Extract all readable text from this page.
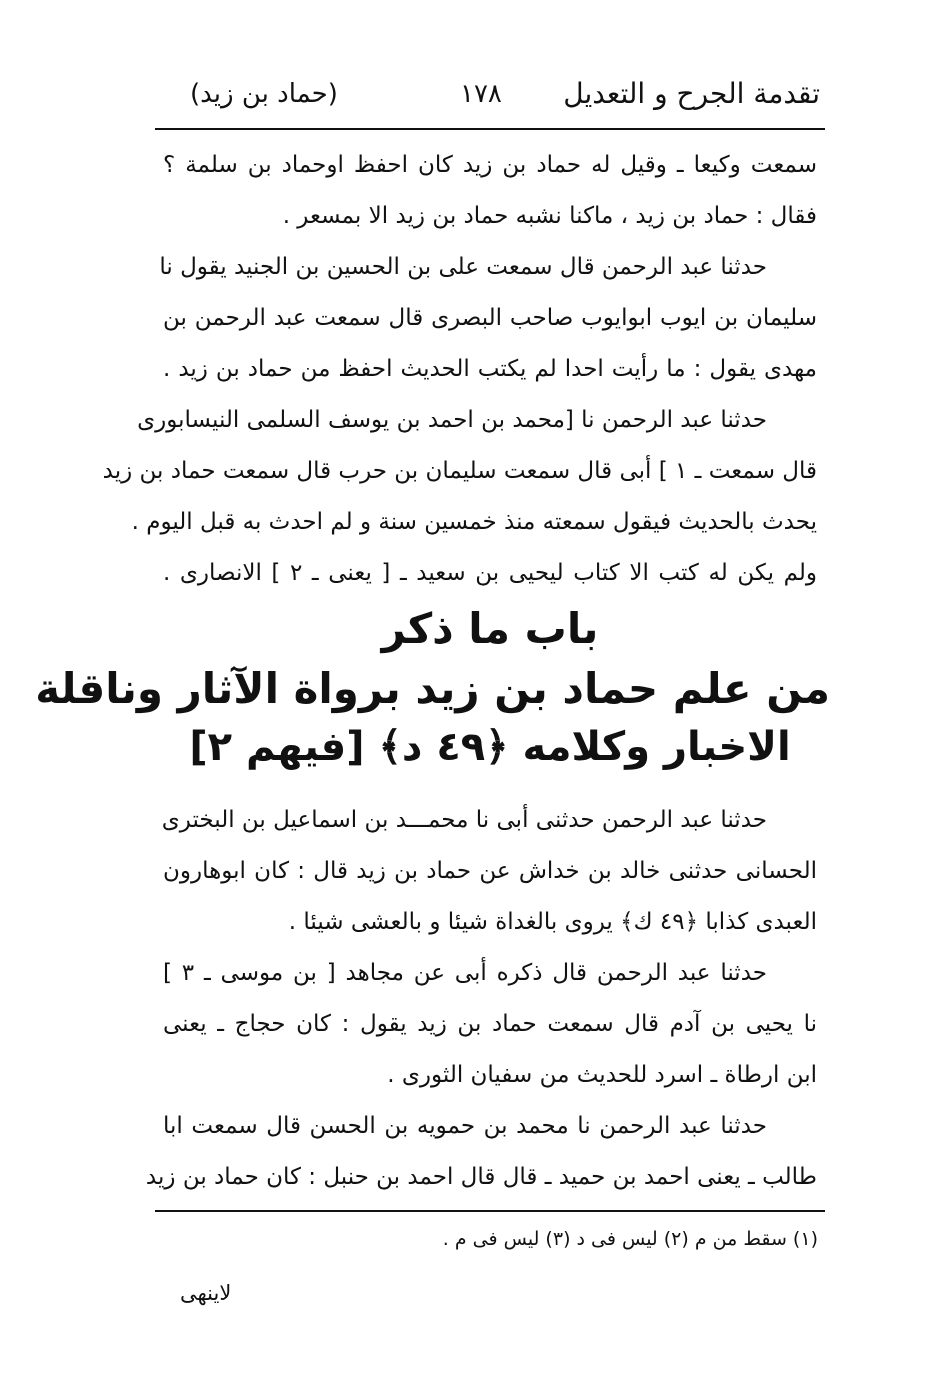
تقدمة الجرح و التعديل
١٧٨
(حماد بن زيد)
سمعت وكيعا ـ وقيل له حماد بن زيد كان احفظ اوحماد بن سلمة ؟
فقال : حماد بن زيد ، ماكنا نشبه حماد بن زيد الا بمسعر .
حدثنا عبد الرحمن قال سمعت على بن الحسين بن الجنيد يقول نا
سليمان بن ايوب ابوايوب صاحب البصرى قال سمعت عبد الرحمن بن
مهدى يقول : ما رأيت احدا لم يكتب الحديث احفظ من حماد بن زيد .
حدثنا عبد الرحمن نا [محمد بن احمد بن يوسف السلمى النيسابورى
قال سمعت ـ ١ ] أبى قال سمعت سليمان بن حرب قال سمعت حماد بن زيد
يحدث بالحديث فيقول سمعته منذ خمسين سنة و لم احدث به قبل اليوم .
ولم يكن له كتب الا كتاب ليحيى بن سعيد ـ [ يعنى ـ ٢ ] الانصارى .
باب ما ذكر
من علم حماد بن زيد برواة الآثار وناقلة
الاخبار وكلامه ﴿٤٩ د﴾ [فيهم ٢]
حدثنا عبد الرحمن حدثنى أبى نا محمـــد بن اسماعيل بن البخترى
الحسانى حدثنى خالد بن خداش عن حماد بن زيد قال : كان ابوهارون
العبدى كذابا ﴿٤٩ ك﴾ يروى بالغداة شيئا و بالعشى شيئا .
حدثنا عبد الرحمن قال ذكره أبى عن مجاهد [ بن موسى ـ ٣ ]
نا يحيى بن آدم قال سمعت حماد بن زيد يقول : كان حجاج ـ يعنى
ابن ارطاة ـ اسرد للحديث من سفيان الثورى .
حدثنا عبد الرحمن نا محمد بن حمويه بن الحسن قال سمعت ابا
طالب ـ يعنى احمد بن حميد ـ قال قال احمد بن حنبل : كان حماد بن زيد
(١) سقط من م (٢) ليس فى د (٣) ليس فى م .
لاينهى
